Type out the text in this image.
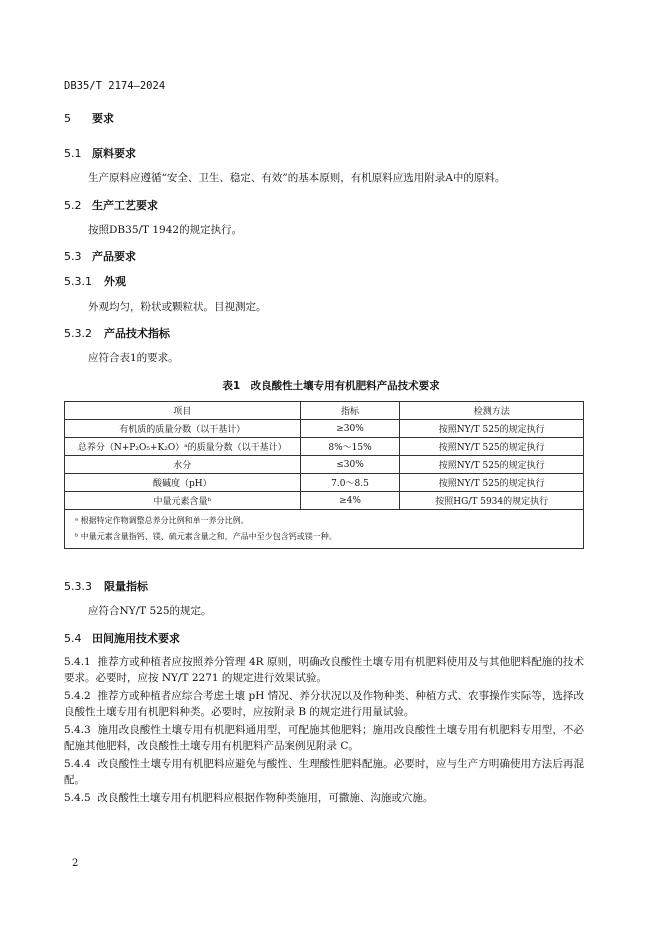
DB35/T 2174—2024
5 要求
5.1 原料要求
生产原料应遵循“安全、卫生、稳定、有效”的基本原则，有机原料应选用附录A中的原料。
5.2 生产工艺要求
按照DB35/T 1942的规定执行。
5.3 产品要求
5.3.1 外观
外观均匀，粉状或颗粒状。目视测定。
5.3.2 产品技术指标
应符合表1的要求。
表1　改良酸性土壤专用有机肥料产品技术要求
项目	指标	检测方法
有机质的质量分数（以干基计）	≥30%	按照NY/T 525的规定执行
总养分（N+P₂O₅+K₂O）ᵃ的质量分数（以干基计）	8%～15%	按照NY/T 525的规定执行
水分	≤30%	按照NY/T 525的规定执行
酸碱度（pH）	7.0～8.5	按照NY/T 525的规定执行
中量元素含量ᵇ	≥4%	按照HG/T 5934的规定执行
ᵃ 根据特定作物调整总养分比例和单一养分比例。		
ᵇ 中量元素含量指钙、镁、硫元素含量之和，产品中至少包含钙或镁一种。		
5.3.3 限量指标
应符合NY/T 525的规定。
5.4 田间施用技术要求
5.4.1 推荐方或种植者应按照养分管理 4R 原则，明确改良酸性土壤专用有机肥料使用及与其他肥料配施的技术要求。必要时，应按 NY/T 2271 的规定进行效果试验。
5.4.2 推荐方或种植者应综合考虑土壤 pH 情况、养分状况以及作物种类、种植方式、农事操作实际等，选择改良酸性土壤专用有机肥料种类。必要时，应按附录 B 的规定进行用量试验。
5.4.3 施用改良酸性土壤专用有机肥料通用型，可配施其他肥料；施用改良酸性土壤专用有机肥料专用型，不必配施其他肥料，改良酸性土壤专用有机肥料产品案例见附录 C。
5.4.4 改良酸性土壤专用有机肥料应避免与酸性、生理酸性肥料配施。必要时，应与生产方明确使用方法后再混配。
5.4.5 改良酸性土壤专用有机肥料应根据作物种类施用，可撒施、沟施或穴施。
2
